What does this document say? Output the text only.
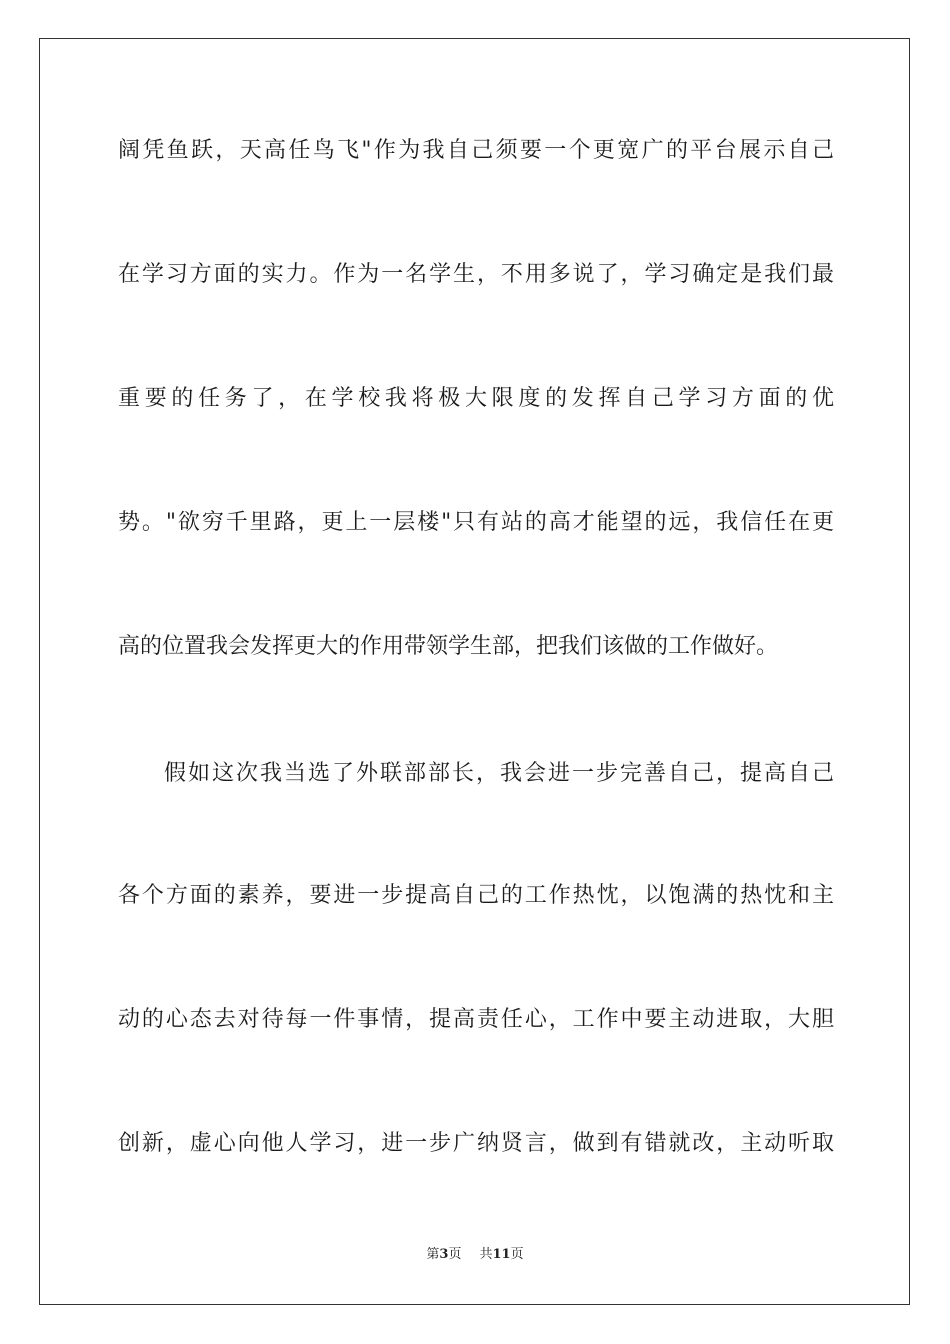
阔凭鱼跃，天高任鸟飞"作为我自己须要一个更宽广的平台展示自己
在学习方面的实力。作为一名学生，不用多说了，学习确定是我们最
重要的任务了，在学校我将极大限度的发挥自己学习方面的优
势。"欲穷千里路，更上一层楼"只有站的高才能望的远，我信任在更
高的位置我会发挥更大的作用带领学生部，把我们该做的工作做好。
假如这次我当选了外联部部长，我会进一步完善自己，提高自己
各个方面的素养，要进一步提高自己的工作热忱，以饱满的热忱和主
动的心态去对待每一件事情，提高责任心，工作中要主动进取，大胆
创新，虚心向他人学习，进一步广纳贤言，做到有错就改，主动听取
第3页 共11页
